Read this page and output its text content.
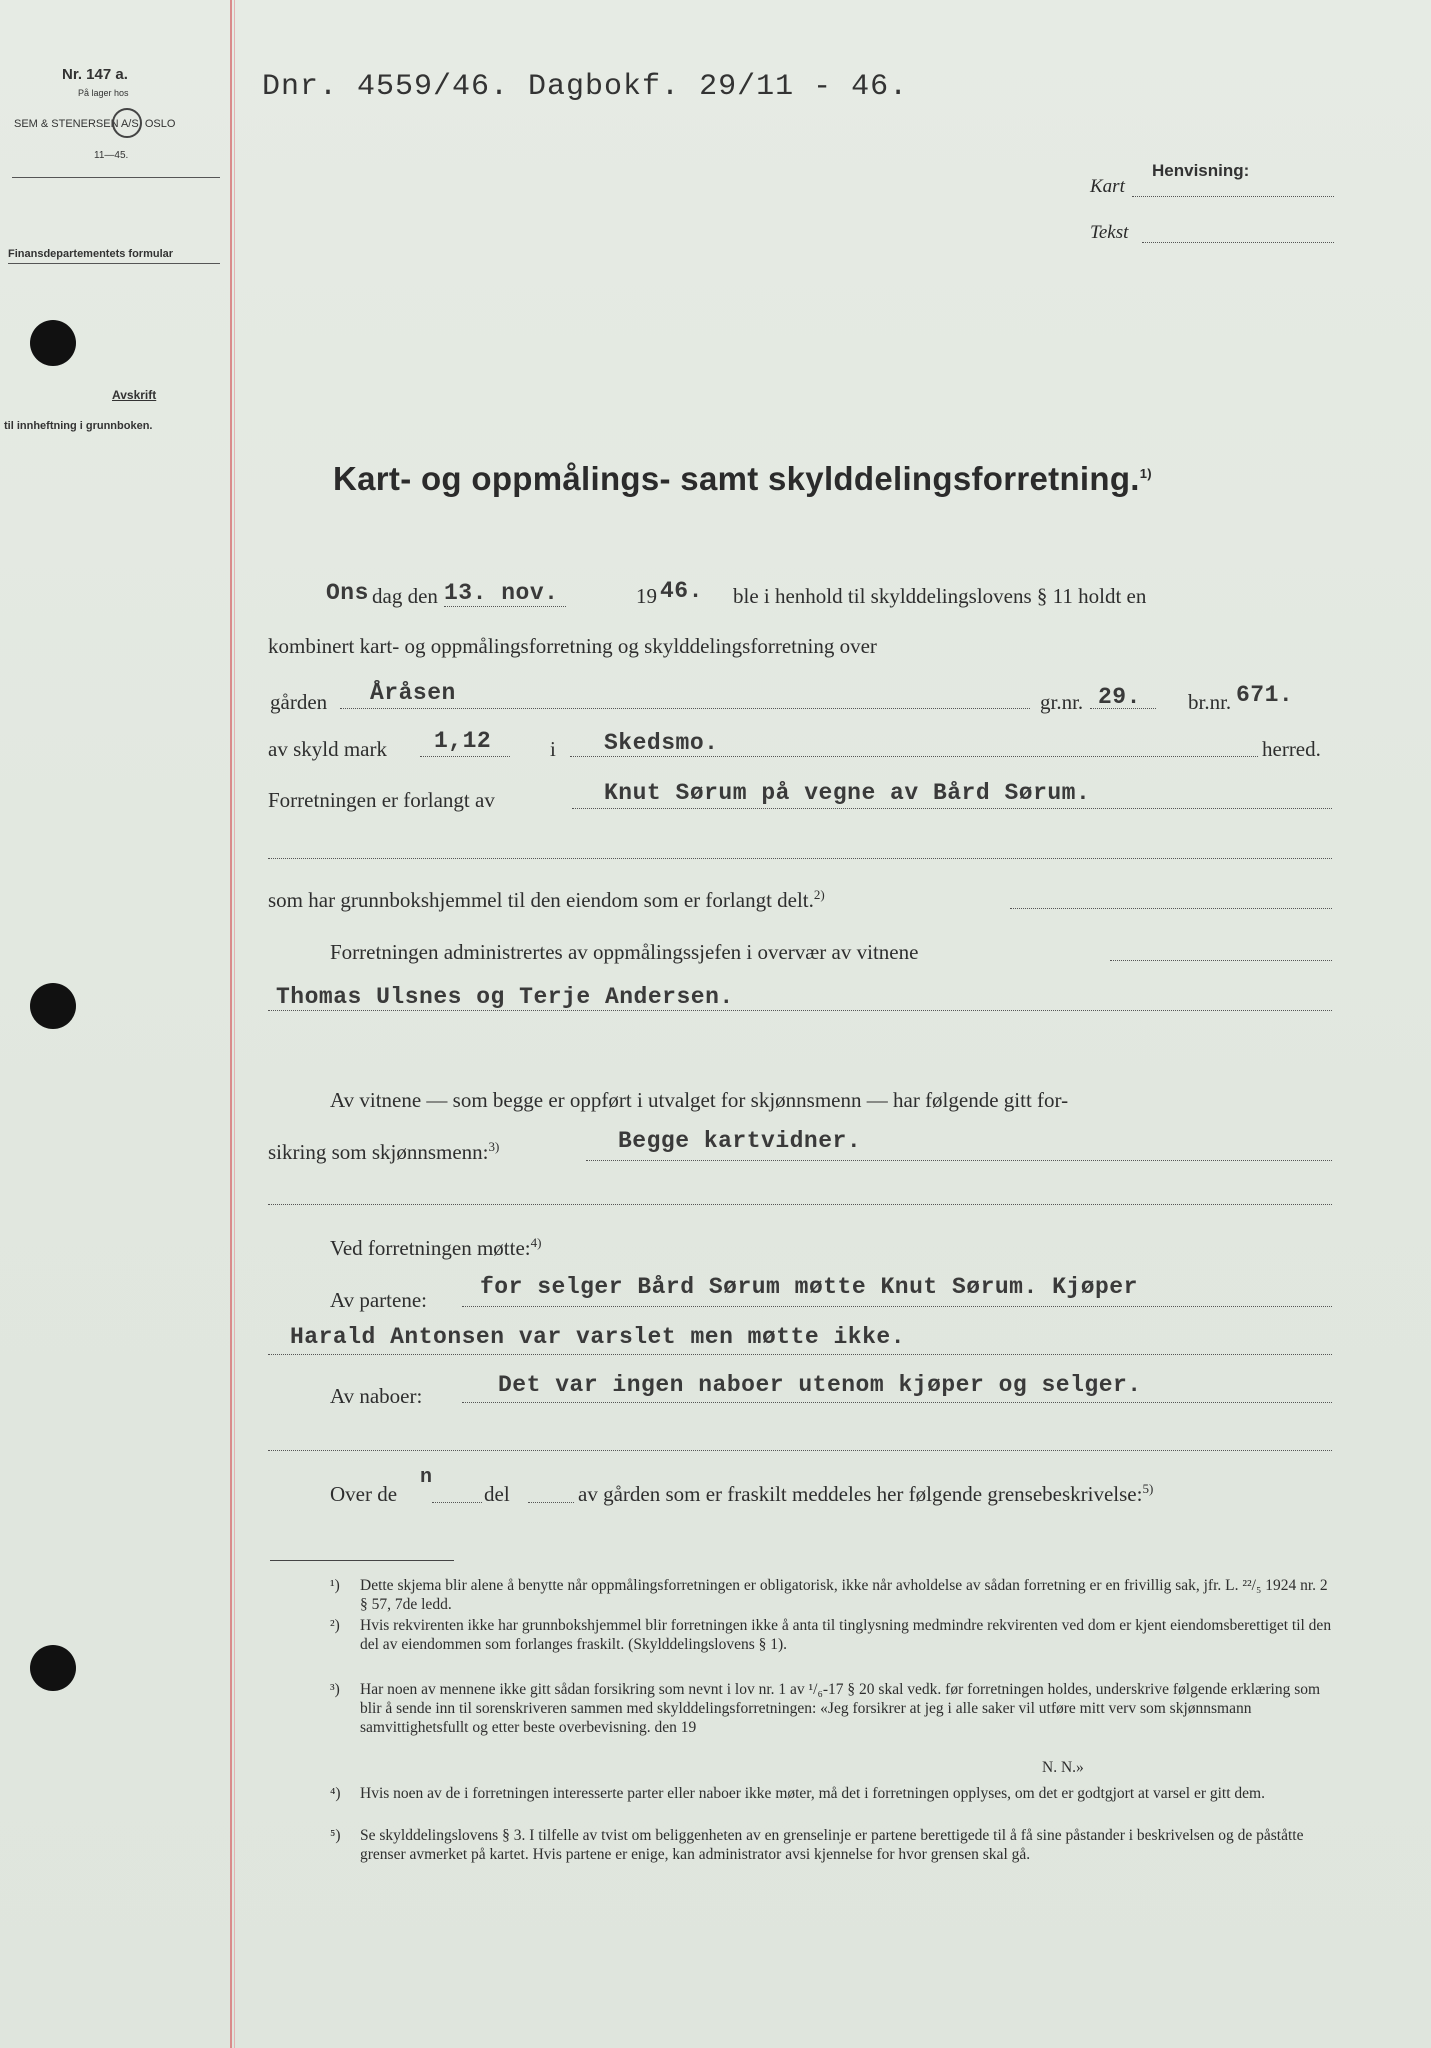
Nr. 147 a.
På lager hos
SEM & STENERSEN A/S. OSLO
11—45.
Finansdepartementets formular
Avskrift
til innheftning i grunnboken.
Dnr. 4559/46. Dagbokf. 29/11 - 46.
Henvisning:
Kart
Tekst
Kart- og oppmålings- samt skylddelingsforretning.$^{1)}$
Ons dag den 13. nov.	19 46. ble i henhold til skylddelingslovens § 11 holdt en
kombinert kart- og oppmålingsforretning og skylddelingsforretning over
gården Åråsen	gr.nr. 29. br.nr. 671.
av skyld mark 1,12	i Skedsmo.	herred.
Forretningen er forlangt av	Knut Sørum på vegne av Bård Sørum.
som har grunnbokshjemmel til den eiendom som er forlangt delt.$^{2)}$
Forretningen administrertes av oppmålingssjefen i overvær av vitnene
Thomas Ulsnes og Terje Andersen.
Av vitnene — som begge er oppført i utvalget for skjønnsmenn — har følgende gitt for-
sikring som skjønnsmenn:$^{3)}$	Begge kartvidner.
Ved forretningen møtte:$^{4)}$
Av partene: for selger Bård Sørum møtte Knut Sørum. Kjøper
Harald Antonsen var varslet men møtte ikke.
Av naboer:	Det var ingen naboer utenom kjøper og selger.
Over de
n
del	av gården som er fraskilt meddeles her følgende grensebeskrivelse:$^{5)}$
¹) Dette skjema blir alene å benytte når oppmålingsforretningen er obligatorisk, ikke når avholdelse av sådan forretning er en frivillig sak, jfr. L. ²²/₅ 1924 nr. 2 § 57, 7de ledd.
²) Hvis rekvirenten ikke har grunnbokshjemmel blir forretningen ikke å anta til tinglysning medmindre rekvirenten ved dom er kjent eiendomsberettiget til den del av eiendommen som forlanges fraskilt. (Skylddelingslovens § 1).
³) Har noen av mennene ikke gitt sådan forsikring som nevnt i lov nr. 1 av ¹/₆-17 § 20 skal vedk. før forretningen holdes, underskrive følgende erklæring som blir å sende inn til sorenskriveren sammen med skylddelingsforretningen: «Jeg forsikrer at jeg i alle saker vil utføre mitt verv som skjønnsmann samvittighetsfullt og etter beste overbevisning. den 19
N. N.»
⁴) Hvis noen av de i forretningen interesserte parter eller naboer ikke møter, må det i forretningen opplyses, om det er godtgjort at varsel er gitt dem.
⁵) Se skylddelingslovens § 3. I tilfelle av tvist om beliggenheten av en grenselinje er partene berettigede til å få sine påstander i beskrivelsen og de påståtte grenser avmerket på kartet. Hvis partene er enige, kan administrator avsi kjennelse for hvor grensen skal gå.
